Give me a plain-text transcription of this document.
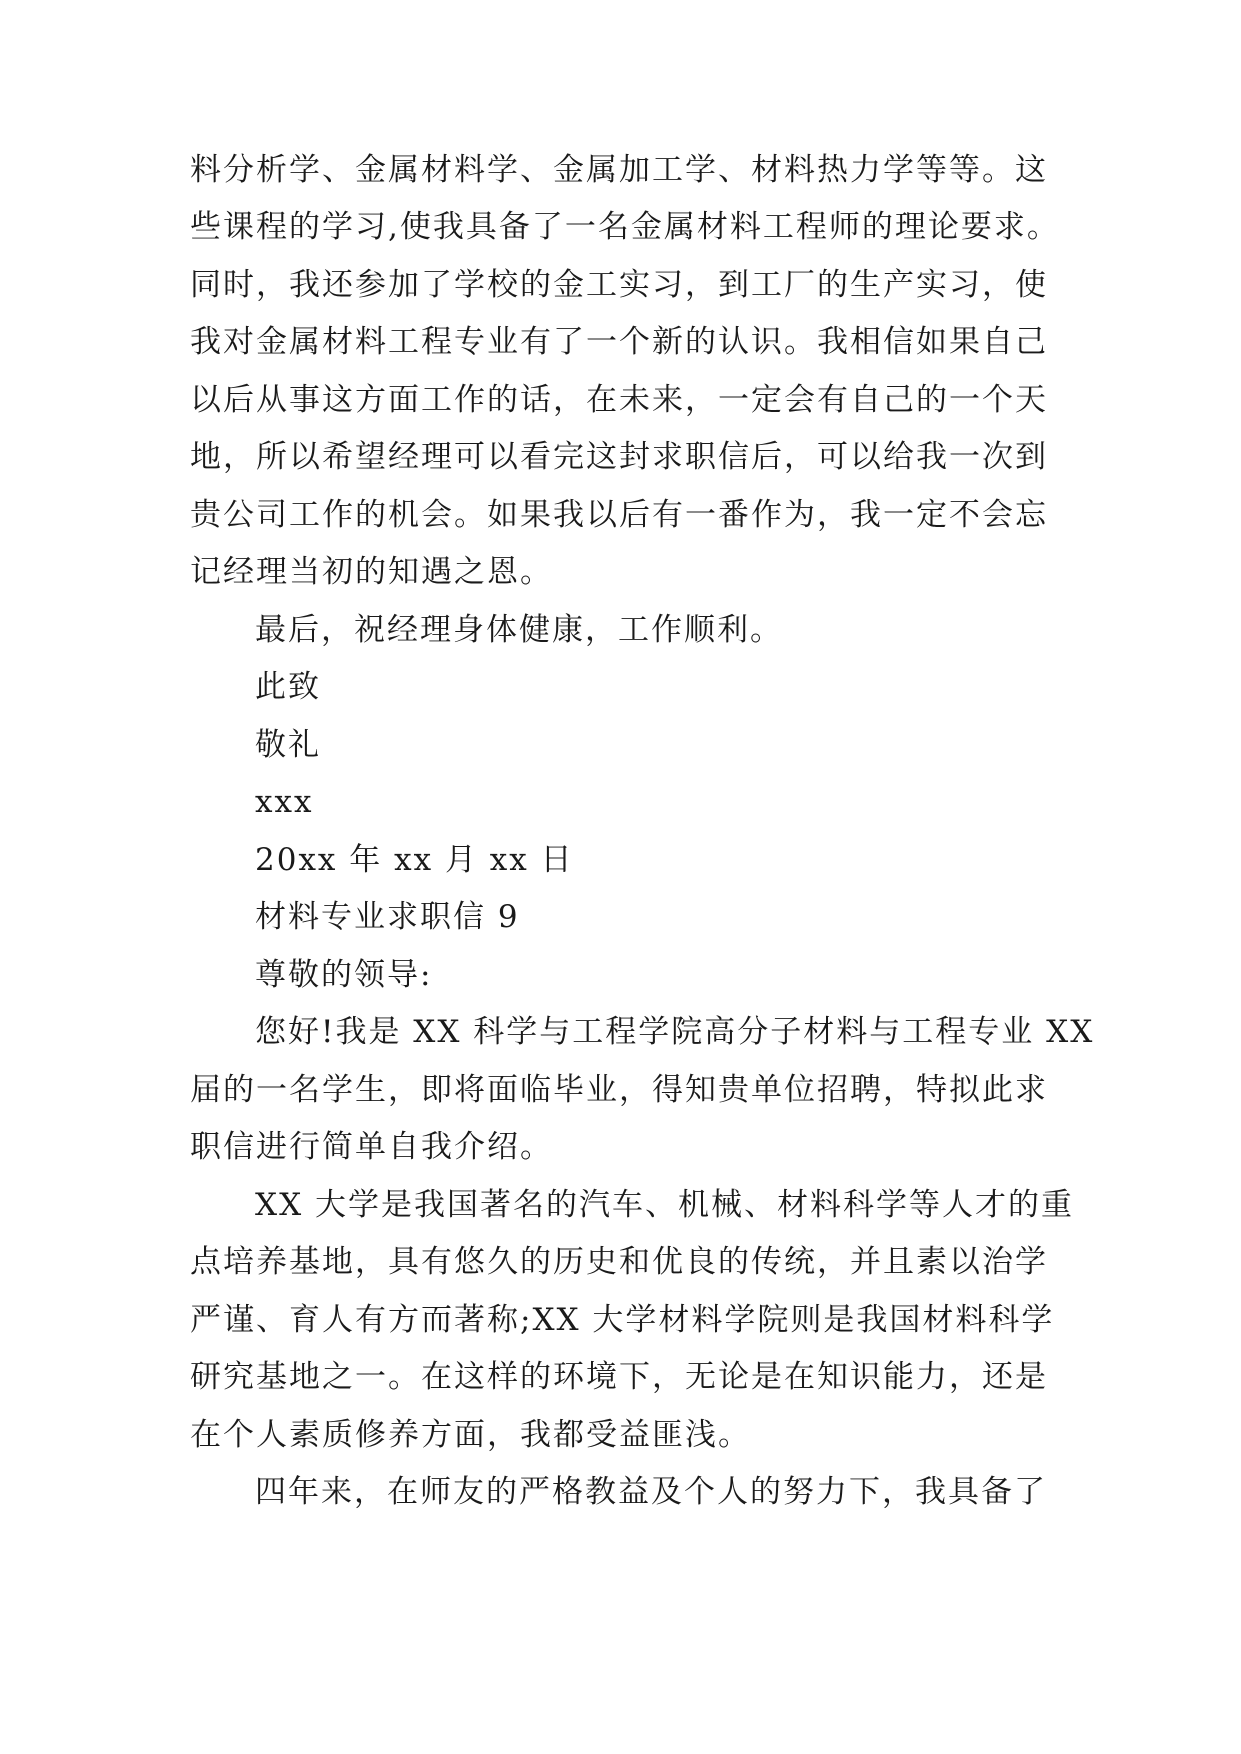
料分析学、金属材料学、金属加工学、材料热力学等等。这

些课程的学习,使我具备了一名金属材料工程师的理论要求。

同时，我还参加了学校的金工实习，到工厂的生产实习，使

我对金属材料工程专业有了一个新的认识。我相信如果自己

以后从事这方面工作的话，在未来，一定会有自己的一个天

地，所以希望经理可以看完这封求职信后，可以给我一次到

贵公司工作的机会。如果我以后有一番作为，我一定不会忘

记经理当初的知遇之恩。

最后，祝经理身体健康，工作顺利。

此致

敬礼

xxx

20xx 年 xx 月 xx 日

材料专业求职信 9

尊敬的领导:

您好!我是 XX 科学与工程学院高分子材料与工程专业 XX

届的一名学生，即将面临毕业，得知贵单位招聘，特拟此求

职信进行简单自我介绍。

XX 大学是我国著名的汽车、机械、材料科学等人才的重

点培养基地，具有悠久的历史和优良的传统，并且素以治学

严谨、育人有方而著称;XX 大学材料学院则是我国材料科学

研究基地之一。在这样的环境下，无论是在知识能力，还是

在个人素质修养方面，我都受益匪浅。

四年来，在师友的严格教益及个人的努力下，我具备了
